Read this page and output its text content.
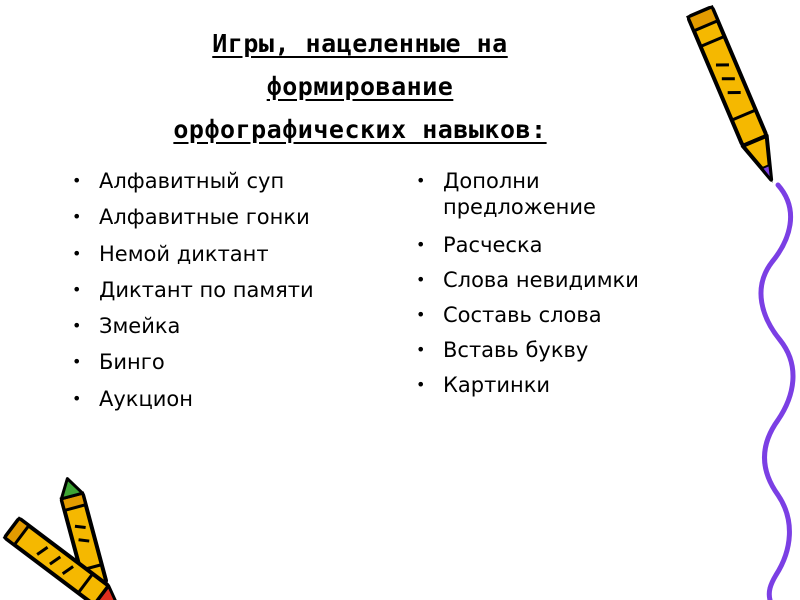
Игры, нацеленные на
формирование
орфографических навыков:
• Алфавитный суп
• Алфавитные гонки
• Немой диктант
• Диктант по памяти
• Змейка
• Бинго
• Аукцион
• Дополни
предложение
• Расческа
• Слова невидимки
• Составь слова
• Вставь букву
• Картинки
